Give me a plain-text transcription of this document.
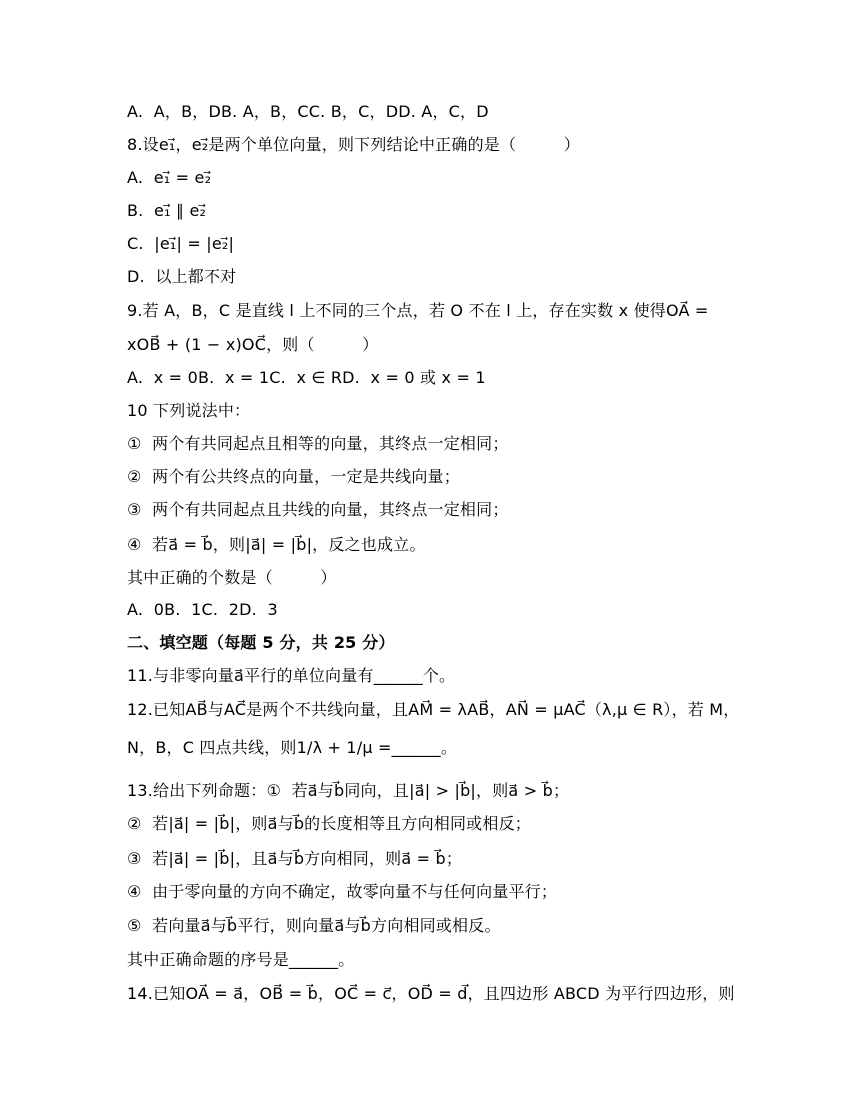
A.  A，B，DB. A，B，CC. B，C，DD. A，C，D
8.设e₁⃗，e₂⃗是两个单位向量，则下列结论中正确的是（         ）
A.  e₁⃗ = e₂⃗
B.  e₁⃗ ∥ e₂⃗
C.  |e₁⃗| = |e₂⃗|
D.  以上都不对
9.若 A，B，C 是直线 l 上不同的三个点，若 O 不在 l 上，存在实数 x 使得OA⃗ =
xOB⃗ + (1 − x)OC⃗，则（         ）
A.  x = 0B.  x = 1C.  x ∈ RD.  x = 0 或 x = 1
10 下列说法中：
①  两个有共同起点且相等的向量，其终点一定相同；
②  两个有公共终点的向量，一定是共线向量；
③  两个有共同起点且共线的向量，其终点一定相同；
④  若a⃗ = b⃗，则|a⃗| = |b⃗|，反之也成立。
其中正确的个数是（         ）
A.  0B.  1C.  2D.  3
二、填空题（每题 5 分，共 25 分）
11.与非零向量a⃗平行的单位向量有______个。
12.已知AB⃗与AC⃗是两个不共线向量，且AM⃗ = λAB⃗，AN⃗ = μAC⃗（λ,μ ∈ R），若 M，
N，B，C 四点共线，则1/λ + 1/μ =______。
13.给出下列命题：①  若a⃗与b⃗同向，且|a⃗| > |b⃗|，则a⃗ > b⃗；
②  若|a⃗| = |b⃗|，则a⃗与b⃗的长度相等且方向相同或相反；
③  若|a⃗| = |b⃗|，且a⃗与b⃗方向相同，则a⃗ = b⃗；
④  由于零向量的方向不确定，故零向量不与任何向量平行；
⑤  若向量a⃗与b⃗平行，则向量a⃗与b⃗方向相同或相反。
其中正确命题的序号是______。
14.已知OA⃗ = a⃗，OB⃗ = b⃗，OC⃗ = c⃗，OD⃗ = d⃗，且四边形 ABCD 为平行四边形，则
